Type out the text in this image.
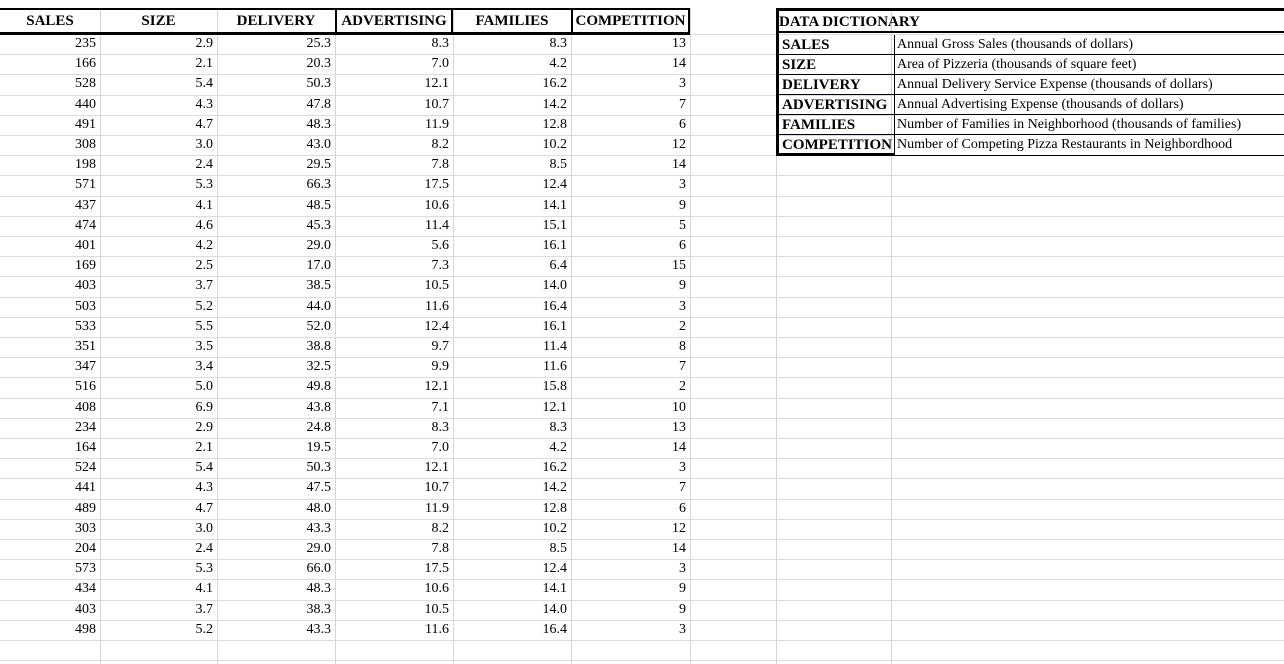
SALES	SIZE	DELIVERY	ADVERTISING	FAMILIES	COMPETITION
235	2.9	25.3	8.3	8.3	13
166	2.1	20.3	7.0	4.2	14
528	5.4	50.3	12.1	16.2	3
440	4.3	47.8	10.7	14.2	7
491	4.7	48.3	11.9	12.8	6
308	3.0	43.0	8.2	10.2	12
198	2.4	29.5	7.8	8.5	14
571	5.3	66.3	17.5	12.4	3
437	4.1	48.5	10.6	14.1	9
474	4.6	45.3	11.4	15.1	5
401	4.2	29.0	5.6	16.1	6
169	2.5	17.0	7.3	6.4	15
403	3.7	38.5	10.5	14.0	9
503	5.2	44.0	11.6	16.4	3
533	5.5	52.0	12.4	16.1	2
351	3.5	38.8	9.7	11.4	8
347	3.4	32.5	9.9	11.6	7
516	5.0	49.8	12.1	15.8	2
408	6.9	43.8	7.1	12.1	10
234	2.9	24.8	8.3	8.3	13
164	2.1	19.5	7.0	4.2	14
524	5.4	50.3	12.1	16.2	3
441	4.3	47.5	10.7	14.2	7
489	4.7	48.0	11.9	12.8	6
303	3.0	43.3	8.2	10.2	12
204	2.4	29.0	7.8	8.5	14
573	5.3	66.0	17.5	12.4	3
434	4.1	48.3	10.6	14.1	9
403	3.7	38.3	10.5	14.0	9
498	5.2	43.3	11.6	16.4	3
DATA DICTIONARY
SALES	Annual Gross Sales (thousands of dollars)
SIZE	Area of Pizzeria (thousands of square feet)
DELIVERY	Annual Delivery Service Expense (thousands of dollars)
ADVERTISING Annual Advertising Expense (thousands of dollars)
FAMILIES	Number of Families in Neighborhood (thousands of families)
COMPETITION Number of Competing Pizza Restaurants in Neighbordhood
